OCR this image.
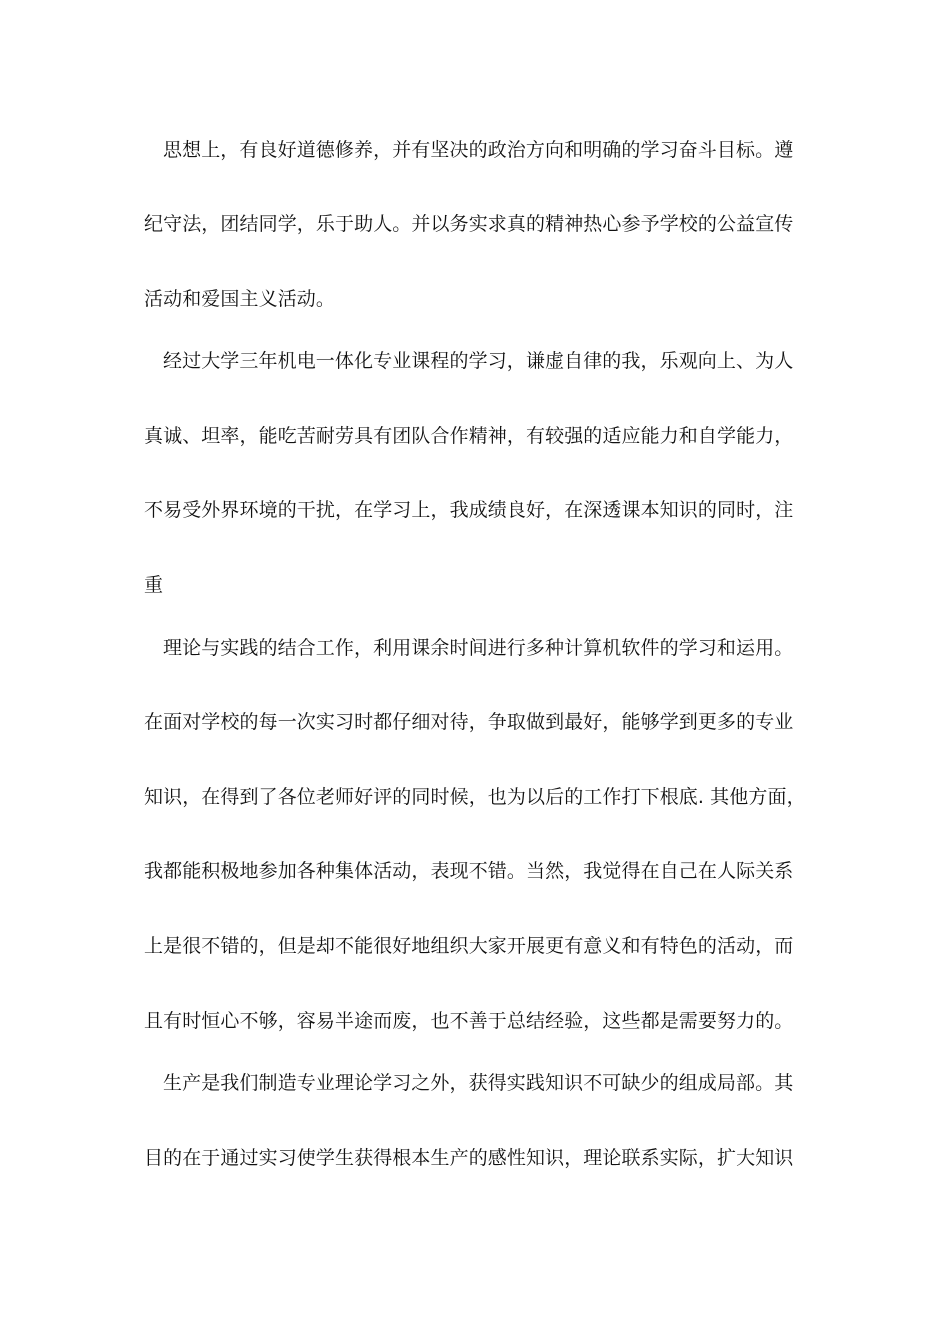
思想上，有良好道德修养，并有坚决的政治方向和明确的学习奋斗目标。遵
纪守法，团结同学，乐于助人。并以务实求真的精神热心参予学校的公益宣传
活动和爱国主义活动。
经过大学三年机电一体化专业课程的学习，谦虚自律的我，乐观向上、为人
真诚、坦率，能吃苦耐劳具有团队合作精神，有较强的适应能力和自学能力，
不易受外界环境的干扰，在学习上，我成绩良好，在深透课本知识的同时，注
重
理论与实践的结合工作，利用课余时间进行多种计算机软件的学习和运用。
在面对学校的每一次实习时都仔细对待，争取做到最好，能够学到更多的专业
知识，在得到了各位老师好评的同时候，也为以后的工作打下根底. 其他方面，
我都能积极地参加各种集体活动，表现不错。当然，我觉得在自己在人际关系
上是很不错的，但是却不能很好地组织大家开展更有意义和有特色的活动，而
且有时恒心不够，容易半途而废，也不善于总结经验，这些都是需要努力的。
生产是我们制造专业理论学习之外，获得实践知识不可缺少的组成局部。其
目的在于通过实习使学生获得根本生产的感性知识，理论联系实际，扩大知识
